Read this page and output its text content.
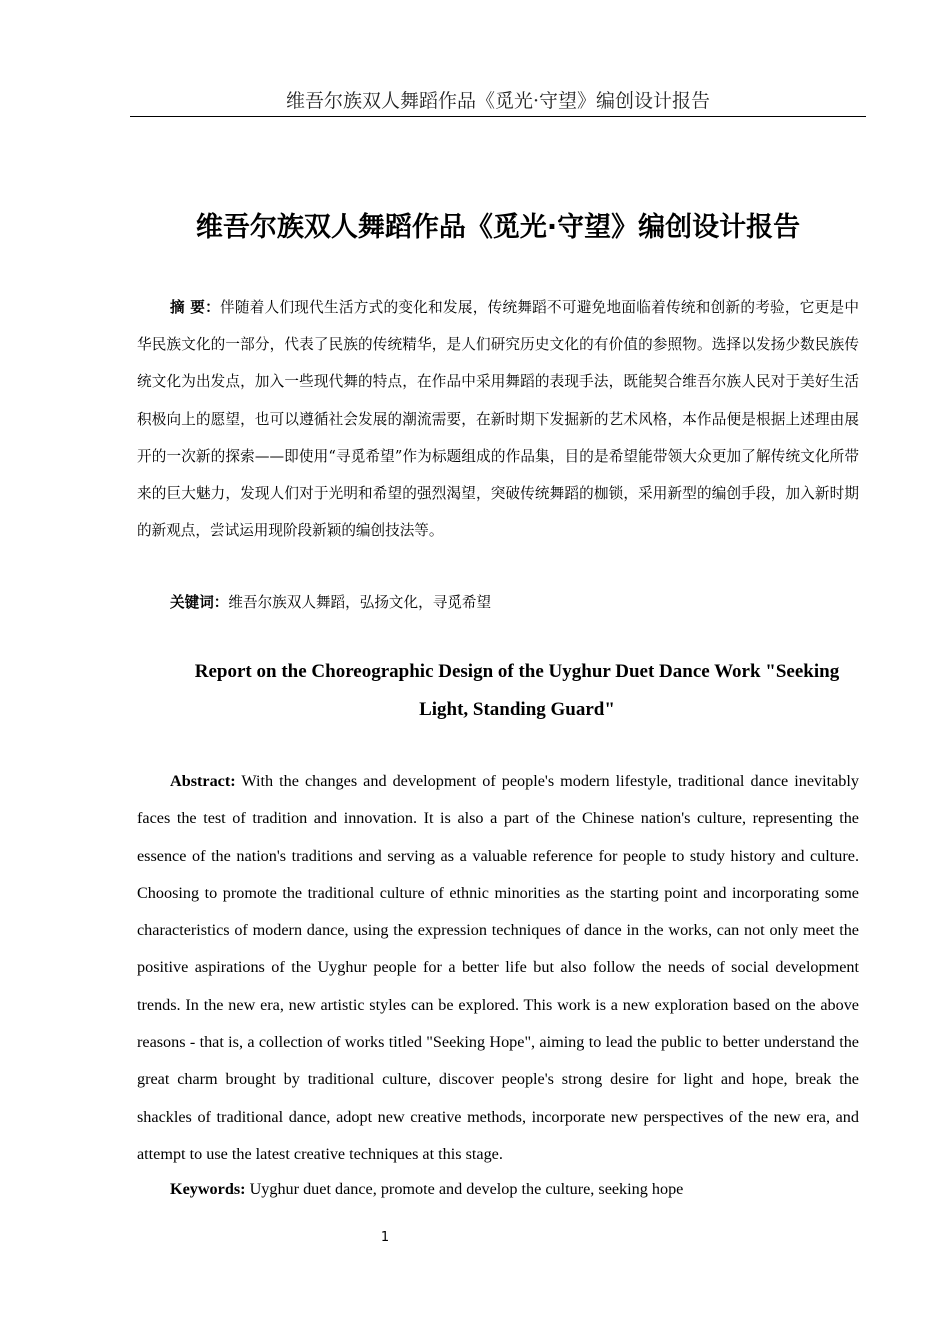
维吾尔族双人舞蹈作品《觅光·守望》编创设计报告
维吾尔族双人舞蹈作品《觅光·守望》编创设计报告

摘 要：伴随着人们现代生活方式的变化和发展，传统舞蹈不可避免地面临着传统和创新的考验，它更是中华民族文化的一部分，代表了民族的传统精华，是人们研究历史文化的有价值的参照物。选择以发扬少数民族传统文化为出发点，加入一些现代舞的特点，在作品中采用舞蹈的表现手法，既能契合维吾尔族人民对于美好生活积极向上的愿望，也可以遵循社会发展的潮流需要，在新时期下发掘新的艺术风格，本作品便是根据上述理由展开的一次新的探索——即使用“寻觅希望”作为标题组成的作品集，目的是希望能带领大众更加了解传统文化所带来的巨大魅力，发现人们对于光明和希望的强烈渴望，突破传统舞蹈的枷锁，采用新型的编创手段，加入新时期的新观点，尝试运用现阶段新颖的编创技法等。

关键词：维吾尔族双人舞蹈，弘扬文化，寻觅希望

Report on the Choreographic Design of the Uyghur Duet Dance Work "Seeking Light, Standing Guard"

Abstract: With the changes and development of people's modern lifestyle, traditional dance inevitably faces the test of tradition and innovation. It is also a part of the Chinese nation's culture, representing the essence of the nation's traditions and serving as a valuable reference for people to study history and culture. Choosing to promote the traditional culture of ethnic minorities as the starting point and incorporating some characteristics of modern dance, using the expression techniques of dance in the works, can not only meet the positive aspirations of the Uyghur people for a better life but also follow the needs of social development trends. In the new era, new artistic styles can be explored. This work is a new exploration based on the above reasons - that is, a collection of works titled "Seeking Hope", aiming to lead the public to better understand the great charm brought by traditional culture, discover people's strong desire for light and hope, break the shackles of traditional dance, adopt new creative methods, incorporate new perspectives of the new era, and attempt to use the latest creative techniques at this stage.

Keywords: Uyghur duet dance, promote and develop the culture, seeking hope

1
